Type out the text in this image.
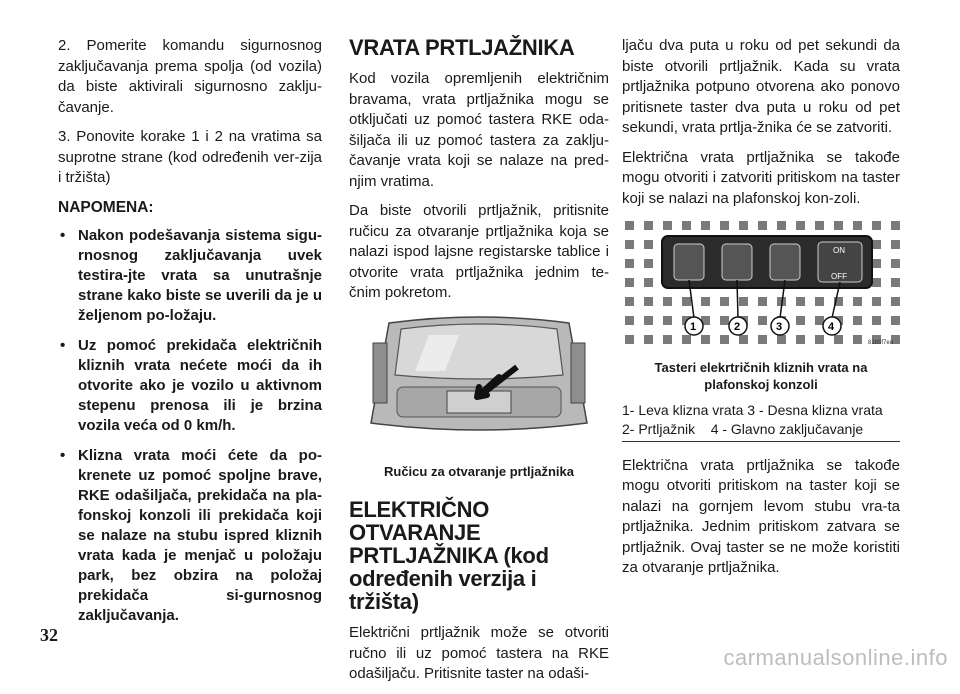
2. Pomerite komandu sigurnosnog zaključavanja prema spolja (od vozila) da biste aktivirali sigurnosno zaklju-čavanje.

3. Ponovite korake 1 i 2 na vratima sa suprotne strane (kod određenih ver-zija i tržišta)

NAPOMENA:
• Nakon podešavanja sistema sigu-rnosnog zaključavanja uvek testira-jte vrata sa unutrašnje strane kako biste se uverili da je u željenom po-ložaju.
• Uz pomoć prekidača električnih kliznih vrata nećete moći da ih otvorite ako je vozilo u aktivnom stepenu prenosa ili je brzina vozila veća od 0 km/h.
• Klizna vrata moći ćete da po-krenete uz pomoć spoljne brave, RKE odašiljača, prekidača na pla-fonskoj konzoli ili prekidača koji se nalaze na stubu ispred kliznih vrata kada je menjač u položaju park, bez obzira na položaj prekidača si-gurnosnog zaključavanja.
VRATA PRTLJAŽNIKA

Kod vozila opremljenih električnim bravama, vrata prtljažnika mogu se otključati uz pomoć tastera RKE oda-šiljača ili uz pomoć tastera za zaklju-čavanje vrata koji se nalaze na pred-njim vratima.

Da biste otvorili prtljažnik, pritisnite ručicu za otvaranje prtljažnika koja se nalazi ispod lajsne registarske tablice i otvorite vrata prtljažnika jednim te-čnim pokretom.

Ručicu za otvaranje prtljažnika
ELEKTRIČNO OTVARANJE PRTLJAŽNIKA (kod određenih verzija i tržišta)

Električni prtljažnik može se otvoriti ručno ili uz pomoć tastera na RKE odašiljaču. Pritisnite taster na odaši-

ljaču dva puta u roku od pet sekundi da biste otvorili prtljažnik. Kada su vrata prtljažnika potpuno otvorena ako ponovo pritisnete taster dva puta u roku od pet sekundi, vrata prtlja-žnika će se zatvoriti.

Električna vrata prtljažnika se takođe mogu otvoriti i zatvoriti pritiskom na taster koji se nalazi na plafonskoj kon-zoli.

ON
OFF
1	2	3	4
81b5f7eu
Tasteri elekrtričnih kliznih vrata na plafonskoj konzoli
1- Leva klizna vrata 3 - Desna klizna vrata
2- Prtljažnik    4 - Glavno zaključavanje

Električna vrata prtljažnika se takođe mogu otvoriti pritiskom na taster koji se nalazi na gornjem levom stubu vra-ta prtljažnika. Jednim pritiskom zatvara se prtljažnik. Ovaj taster se ne može koristiti za otvaranje prtljažnika.

32
carmanualsonline.info
